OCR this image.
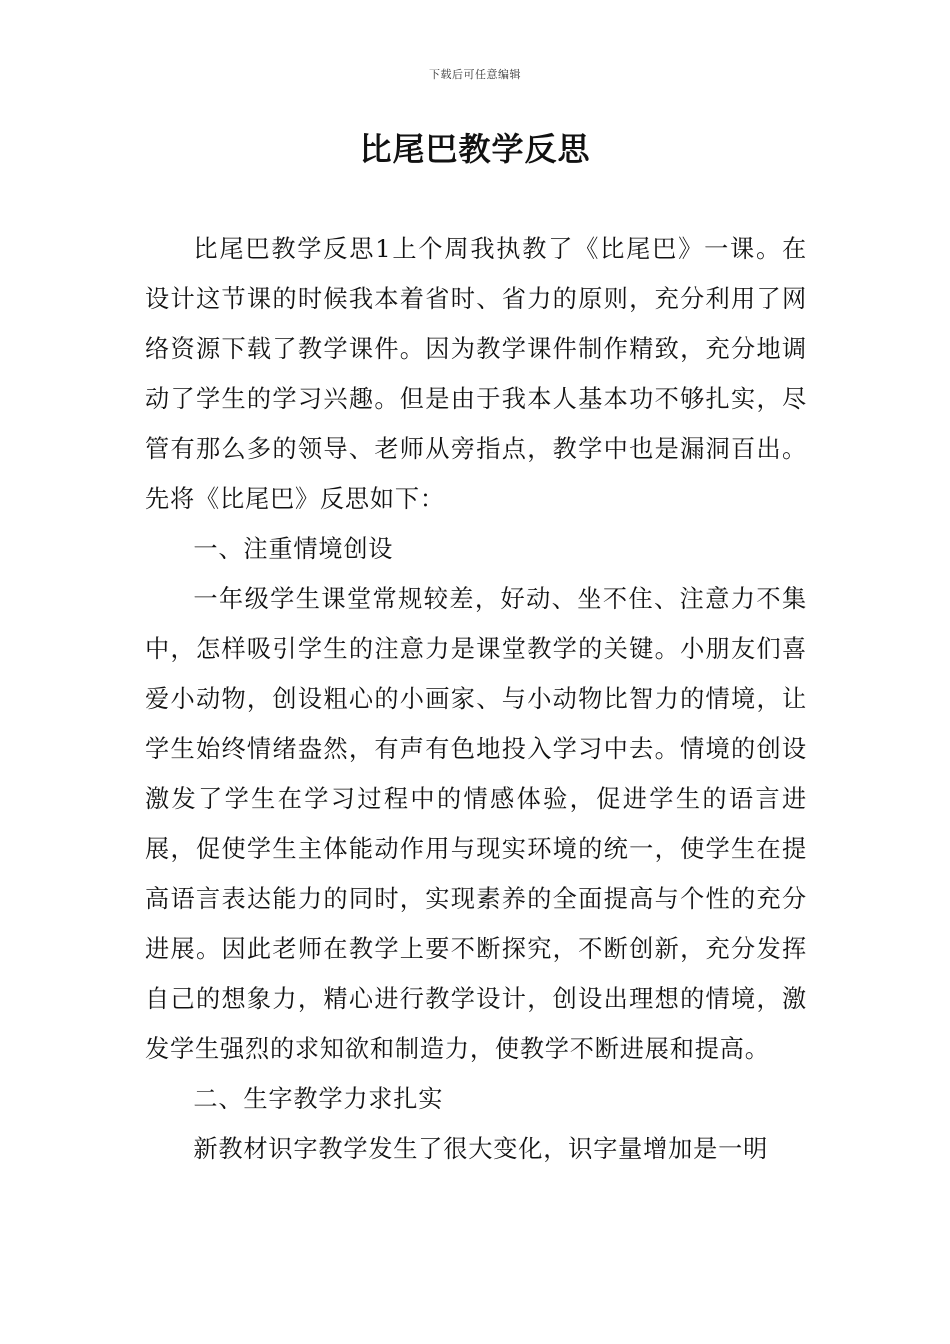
下载后可任意编辑
比尾巴教学反思

比尾巴教学反思1上个周我执教了《比尾巴》一课。在设计这节课的时候我本着省时、省力的原则，充分利用了网络资源下载了教学课件。因为教学课件制作精致，充分地调动了学生的学习兴趣。但是由于我本人基本功不够扎实，尽管有那么多的领导、老师从旁指点，教学中也是漏洞百出。先将《比尾巴》反思如下：

一、注重情境创设

一年级学生课堂常规较差，好动、坐不住、注意力不集中，怎样吸引学生的注意力是课堂教学的关键。小朋友们喜爱小动物，创设粗心的小画家、与小动物比智力的情境，让学生始终情绪盎然，有声有色地投入学习中去。情境的创设激发了学生在学习过程中的情感体验，促进学生的语言进展，促使学生主体能动作用与现实环境的统一，使学生在提高语言表达能力的同时，实现素养的全面提高与个性的充分进展。因此老师在教学上要不断探究，不断创新，充分发挥自己的想象力，精心进行教学设计，创设出理想的情境，激发学生强烈的求知欲和制造力，使教学不断进展和提高。

二、生字教学力求扎实

新教材识字教学发生了很大变化，识字量增加是一明
